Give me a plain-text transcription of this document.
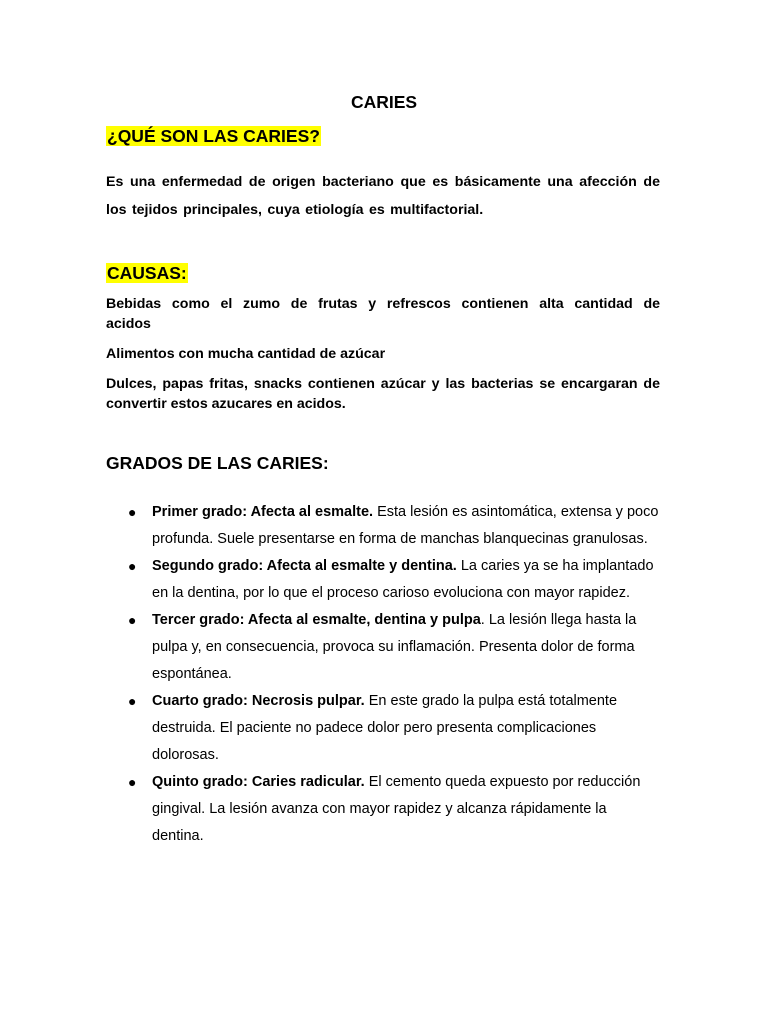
CARIES
¿QUÉ SON LAS CARIES?
Es una enfermedad de origen bacteriano que es básicamente una afección de los tejidos principales, cuya etiología es multifactorial.
CAUSAS:
Bebidas como el zumo de frutas y refrescos contienen alta cantidad de acidos
Alimentos con mucha cantidad de azúcar
Dulces, papas fritas, snacks contienen azúcar y las bacterias se encargaran de convertir estos azucares en acidos.
GRADOS DE LAS CARIES:
● Primer grado: Afecta al esmalte. Esta lesión es asintomática, extensa y poco profunda. Suele presentarse en forma de manchas blanquecinas granulosas.
● Segundo grado: Afecta al esmalte y dentina. La caries ya se ha implantado en la dentina, por lo que el proceso carioso evoluciona con mayor rapidez.
● Tercer grado: Afecta al esmalte, dentina y pulpa. La lesión llega hasta la pulpa y, en consecuencia, provoca su inflamación. Presenta dolor de forma espontánea.
● Cuarto grado: Necrosis pulpar. En este grado la pulpa está totalmente destruida. El paciente no padece dolor pero presenta complicaciones dolorosas.
● Quinto grado: Caries radicular. El cemento queda expuesto por reducción gingival. La lesión avanza con mayor rapidez y alcanza rápidamente la dentina.
